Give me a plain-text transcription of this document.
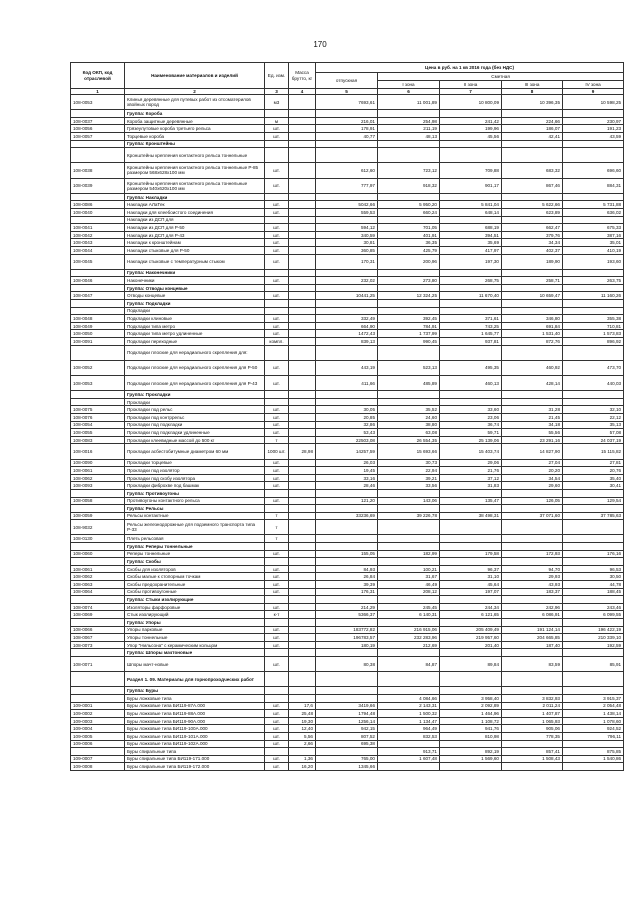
170
Код ОКП, код отраслевой	Наименование материалов и изделий	Ед. изм.	Масса брутто, кг	Цена в руб. на 1 кв 2016 года (без НДС)				
				отпускная	Сметная			
					I зона	II зона	III зона	IV зона
1	2	3	4	5	6	7	8	9
108-0053	Клинья деревянные для путевых работ из отсоматерилов хвойных пород	м3		7693,61	11 001,89	10 800,09	10 396,35	10 598,25
	Группа: Короба							
108-0037	Короба защитные деревянные	м		216,01	254,98	241,42	224,66	230,97
108-0056	Грязеулутовые короба третьего рельса	шт.		178,91	211,19	199,96	186,07	191,23
108-0057	Торцевые короба	шт.		40,77	48,13	45,56	42,41	43,59
	Группа: Кронштейны							
	Кронштейны крепления контактного рельса тоннельные							
108-0038	Кронштейны крепления контактного рельса тоннельные Р-85 размером 568х628х100 мм	шт.		612,60	723,12	709,88	683,32	696,60
108-0039	Кронштейны крепления контактного рельса тоннельные размером 540х620х100 мм	шт.		777,97	918,32	901,17	867,46	884,31
	Группа: Накладки							
108-0086	Накладки АЛаТек	шт.		5042,66	5 950,20	5 841,04	5 622,66	5 731,88
108-0040	Накладки для клеебоистого соединения	шт.		559,53	660,24	648,14	623,89	636,02
	Накладки из ДСП для							
108-0041	Накладки из ДСП для Р-50	шт.		594,12	701,05	688,19	662,47	675,33
108-0042	Накладки из ДСП для Р-43	шт.		340,59	401,91	394,51	379,76	387,16
108-0043	Накладки к кронштейнам	шт.		30,81	36,35	35,69	34,34	35,01
108-0044	Накладки стыковые для Р-50	шт.		360,85	425,79	417,97	402,37	410,19
108-0045	Накладки стыковые с температурным стыком	шт.		170,31	200,96	197,30	189,90	193,60
	Группа: Наконечники							
108-0046	Наконечники	шт.		232,02	273,80	268,75	258,71	263,75
	Группа: Отводы концевые							
108-0047	Отводы концевые	шт.		10441,25	12 324,25	11 670,40	10 659,47	11 160,26
	Группа: Подкладки							
	Подкладки							
108-0048	Подкладки клиновые	шт.		332,49	392,45	371,61	346,80	355,38
108-0049	Подкладки типа метро	шт.		664,90	784,91	743,25	691,84	710,81
108-0050	Подкладки типа метро удлиненные	шт.		1472,43	1 737,99	1 645,77	1 531,40	1 573,83
108-0091	Подкладки переходные	компл.		839,13	990,45	937,81	872,76	896,92
	Подкладки плоские для нерадиального скрепления для:							
108-0052	Подкладки плоские для нерадиального скрепления для Р-50	шт.		443,19	523,13	495,35	460,92	473,70
108-0053	Подкладки плоские для нерадиального скрепления для Р-43	шт.		411,66	485,89	460,13	428,14	440,03
	Группа: Прокладки							
	Прокладки							
108-0075	Прокладки под рельс	шт.		30,05	35,52	33,60	31,28	32,10
108-0076	Прокладки под контррельс	шт.		20,85	24,60	23,06	21,45	22,12
108-0054	Прокладки под подкладки	шт.		32,86	38,80	36,74	34,18	35,13
108-0055	Прокладки под подкладки удлиненные	шт.		53,43	63,08	59,71	55,56	57,08
108-0083	Прокладки клеевидные массой до 500 кг	т		22503,08	26 554,35	25 139,06	23 291,16	24 037,19
108-0016	Прокладки асбестобитумные диаметром 60 мм	1000 шт.	28,98	14257,59	15 693,66	15 403,74	14 827,90	15 115,82
108-0090	Прокладки торцевые	шт.		26,03	30,73	29,06	27,04	27,81
108-0061	Прокладки под изолятор	шт.		19,45	22,94	21,76	20,20	20,76
108-0062	Прокладки под скобу изолятора	шт.		33,16	39,21	37,12	34,54	35,40
108-0093	Прокладки фиброхве под башмак	шт.		28,46	33,56	31,83	29,60	30,41
	Группа: Противоугоны							
108-0058	Противоугоны контактного рельса	шт.		121,20	143,06	135,47	126,05	129,54
	Группа: Рельсы							
108-0059	Рельсы контактные	т		33236,69	39 226,78	38 498,31	37 071,60	37 785,63
108-9032	Рельсы железнодорожные для подземного транспорта типа Р-33	т						
108-0130	Плеть рельсовая	т						
	Группа: Реперы тоннельные							
108-0060	Реперы тоннельные	шт.		155,05	182,99	179,58	172,93	176,16
	Группа: Скобы							
108-0061	Скобы для изоляторов	шт.		84,93	100,21	96,37	94,70	96,53
108-0062	Скобы малые к стопорным точкам	шт.		26,84	31,67	31,10	29,93	30,50
108-0063	Скобы предохранительные	шт.		39,39	46,49	45,64	43,93	44,78
108-0064	Скобы противоугонные	шт.		176,31	208,12	197,07	183,37	188,45
	Группа: Стыки изолирующие							
108-0074	Изоляторы фарфоровые	шт.		214,29	245,45	244,34	242,96	243,46
108-0069	Стык изолирующий	к-т		5366,37	6 140,31	6 121,65	6 086,91	6 099,55
	Группа: Упоры							
108-0066	Упоры парковые	шт.		183772,82	216 915,06	205 409,49	191 124,14	196 422,19
108-0067	Упоры тоннельные	шт.		196783,57	232 283,96	219 957,60	204 665,85	210 339,10
108-0073	Упор "Нильсона" с керамическим кольцом	шт.		180,19	212,69	201,40	187,40	192,59
	Группа: Шпоры мачтоновые							
108-0071	Шпоры мачт-новые	шт.		80,38	84,87	89,84	83,59	85,91
	Раздел 1. 09. Материалы для горнопроходческих работ							
	Группа: Буры							
	Буры ложковые типа				4 084,66	3 958,40	3 832,93	3 915,37
109-0001	Буры ложковые типа БИ119-87А.000	шт.	17,6	3419,66	2 143,31	2 092,89	2 011,24	2 054,48
109-0002	Буры ложковые типа БИ119-88А.000	шт.	25,48	1794,48	1 500,32	1 464,96	1 407,87	1 438,14
109-0003	Буры ложковые типа БИ119-90А.000	шт.	19,30	1256,14	1 134,47	1 108,72	1 065,93	1 078,60
109-0004	Буры ложковые типа БИ119-100А.000	шт.	12,40	942,15	964,49	941,76	905,06	924,52
109-0005	Буры ложковые типа БИ119-101А.000	шт.	5,56	807,52	832,53	810,98	778,35	796,11
109-0006	Буры ложковые типа БИ119-102А.000	шт.	2,66	695,38				
	Буры спиральные типа				913,71	892,19	857,41	875,85
109-0007	Буры спиральные типа БИ119-171.000	шт.	1,36	765,00	1 607,48	1 569,60	1 508,43	1 540,86
109-0008	Буры спиральные типа БИ119-172.000	шт.	16,20	1345,66				
